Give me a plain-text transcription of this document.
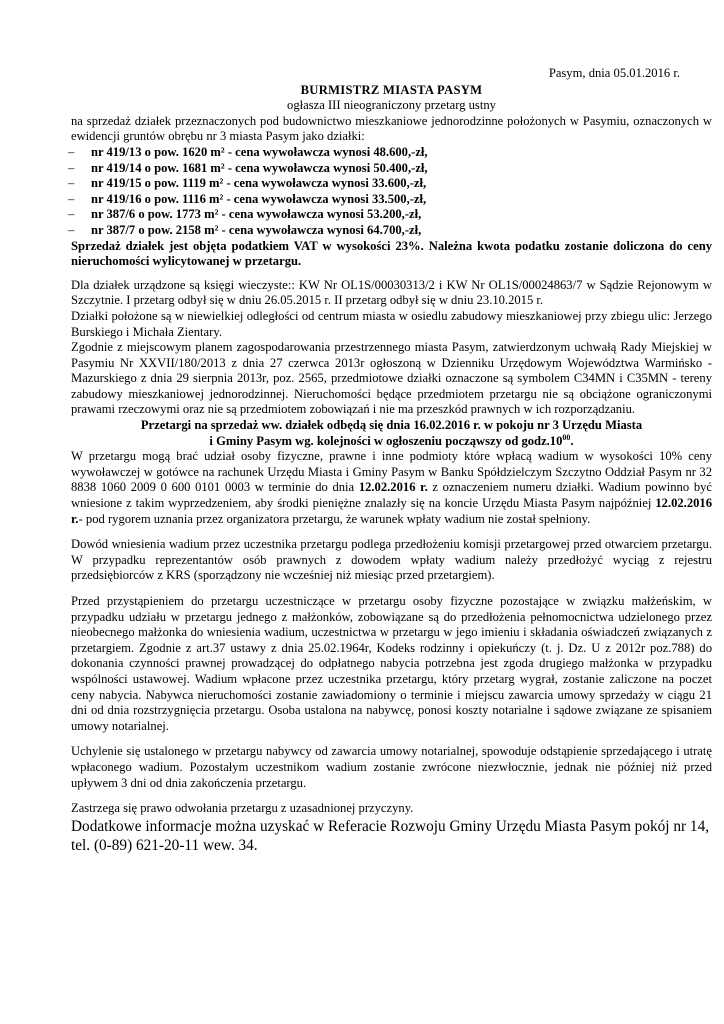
Pasym, dnia 05.01.2016 r.

BURMISTRZ MIASTA PASYM

ogłasza III nieograniczony przetarg ustny

na sprzedaż działek przeznaczonych pod budownictwo mieszkaniowe jednorodzinne położonych w Pasymiu, oznaczonych w ewidencji gruntów obrębu nr 3 miasta Pasym jako działki:

– nr 419/13 o pow. 1620 m² - cena wywoławcza wynosi 48.600,-zł,
– nr 419/14 o pow. 1681 m² - cena wywoławcza wynosi 50.400,-zł,
– nr 419/15 o pow. 1119 m² - cena wywoławcza wynosi 33.600,-zł,
– nr 419/16 o pow. 1116 m² - cena wywoławcza wynosi 33.500,-zł,
– nr 387/6 o pow. 1773 m² - cena wywoławcza wynosi 53.200,-zł,
– nr 387/7 o pow. 2158 m² - cena wywoławcza wynosi 64.700,-zł,

Sprzedaż działek jest objęta podatkiem VAT w wysokości 23%. Należna kwota podatku zostanie doliczona do ceny nieruchomości wylicytowanej w przetargu.

Dla działek urządzone są księgi wieczyste:: KW Nr OL1S/00030313/2 i KW Nr OL1S/00024863/7 w Sądzie Rejonowym w Szczytnie. I przetarg odbył się w dniu 26.05.2015 r. II przetarg odbył się w dniu 23.10.2015 r.

Działki położone są w niewielkiej odległości od centrum miasta w osiedlu zabudowy mieszkaniowej przy zbiegu ulic: Jerzego Burskiego i Michała Zientary.

Zgodnie z miejscowym planem zagospodarowania przestrzennego miasta Pasym, zatwierdzonym uchwałą Rady Miejskiej w Pasymiu Nr XXVII/180/2013 z dnia 27 czerwca 2013r ogłoszoną w Dzienniku Urzędowym Województwa Warmińsko - Mazurskiego z dnia 29 sierpnia 2013r, poz. 2565, przedmiotowe działki oznaczone są symbolem C34MN i C35MN - tereny zabudowy mieszkaniowej jednorodzinnej. Nieruchomości będące przedmiotem przetargu nie są obciążone ograniczonymi prawami rzeczowymi oraz nie są przedmiotem zobowiązań i nie ma przeszkód prawnych w ich rozporządzaniu.

Przetargi na sprzedaż ww. działek odbędą się dnia 16.02.2016 r. w pokoju nr 3 Urzędu Miasta

i Gminy Pasym wg. kolejności w ogłoszeniu począwszy od $godz.10^{00}$.

W przetargu mogą brać udział osoby fizyczne, prawne i inne podmioty które wpłacą wadium w wysokości 10% ceny wywoławczej w gotówce na rachunek Urzędu Miasta i Gminy Pasym w Banku Spółdzielczym Szczytno Oddział Pasym nr 32 8838 1060 2009 0 600 0101 0003 w terminie do dnia 12.02.2016 r. z oznaczeniem numeru działki. Wadium powinno być wniesione z takim wyprzedzeniem, aby środki pieniężne znalazły się na koncie Urzędu Miasta Pasym najpóźniej 12.02.2016 r.- pod rygorem uznania przez organizatora przetargu, że warunek wpłaty wadium nie został spełniony.

Dowód wniesienia wadium przez uczestnika przetargu podlega przedłożeniu komisji przetargowej przed otwarciem przetargu. W przypadku reprezentantów osób prawnych z dowodem wpłaty wadium należy przedłożyć wyciąg z rejestru przedsiębiorców z KRS (sporządzony nie wcześniej niż miesiąc przed przetargiem).

Przed przystąpieniem do przetargu uczestniczące w przetargu osoby fizyczne pozostające w związku małżeńskim, w przypadku udziału w przetargu jednego z małżonków, zobowiązane są do przedłożenia pełnomocnictwa udzielonego przez nieobecnego małżonka do wniesienia wadium, uczestnictwa w przetargu w jego imieniu i składania oświadczeń związanych z przetargiem. Zgodnie z art.37 ustawy z dnia 25.02.1964r, Kodeks rodzinny i opiekuńczy (t. j. Dz. U z 2012r poz.788) do dokonania czynności prawnej prowadzącej do odpłatnego nabycia potrzebna jest zgoda drugiego małżonka w przypadku wspólności ustawowej. Wadium wpłacone przez uczestnika przetargu, który przetarg wygrał, zostanie zaliczone na poczet ceny nabycia. Nabywca nieruchomości zostanie zawiadomiony o terminie i miejscu zawarcia umowy sprzedaży w ciągu 21 dni od dnia rozstrzygnięcia przetargu. Osoba ustalona na nabywcę, ponosi koszty notarialne i sądowe związane ze spisaniem umowy notarialnej.

Uchylenie się ustalonego w przetargu nabywcy od zawarcia umowy notarialnej, spowoduje odstąpienie sprzedającego i utratę wpłaconego wadium. Pozostałym uczestnikom wadium zostanie zwrócone niezwłocznie, jednak nie później niż przed upływem 3 dni od dnia zakończenia przetargu.

Zastrzega się prawo odwołania przetargu z uzasadnionej przyczyny.

Dodatkowe informacje można uzyskać w Referacie Rozwoju Gminy Urzędu Miasta Pasym pokój nr 14, tel. (0-89) 621-20-11 wew. 34.
